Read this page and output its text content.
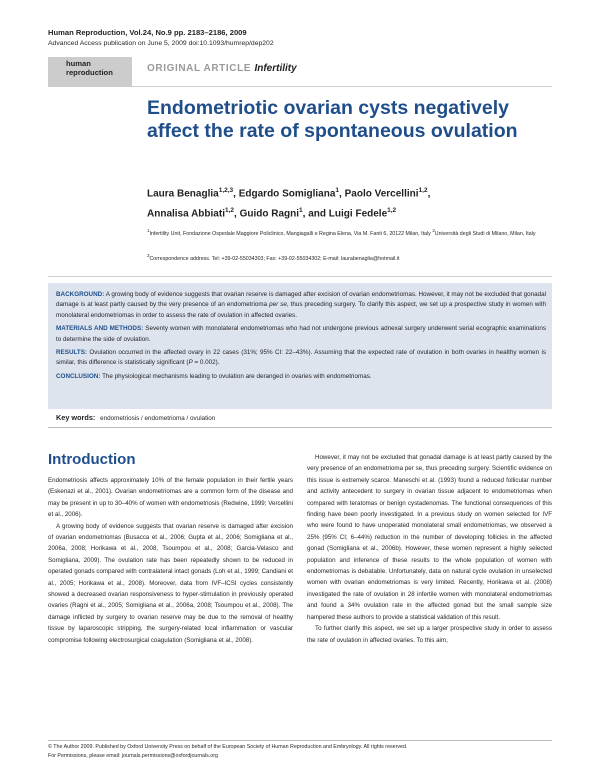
Human Reproduction, Vol.24, No.9 pp. 2183–2186, 2009
Advanced Access publication on June 5, 2009 doi:10.1093/humrep/dep202
human
reproduction	ORIGINAL ARTICLE Infertility
Endometriotic ovarian cysts negatively affect the rate of spontaneous ovulation
Laura Benaglia$^{1,2,3}$, Edgardo Somigliana$^1$, Paolo Vercellini$^{1,2}$,
Annalisa Abbiati$^{1,2}$, Guido Ragni$^1$, and Luigi Fedele$^{1,2}$
$^1$Infertility Unit, Fondazione Ospedale Maggiore Policlinico, Mangiagalli e Regina Elena, Via M. Fanti 6, 20122 Milan, Italy $^2$Università degli Studi di Milano, Milan, Italy
$^3$Correspondence address. Tel: +39-02-55034303; Fax: +39-02-55034302; E-mail: laurabenaglia@hotmail.it

BACKGROUND: A growing body of evidence suggests that ovarian reserve is damaged after excision of ovarian endometriomas. However, it may not be excluded that gonadal damage is at least partly caused by the very presence of an endometrioma per se, thus preceding surgery. To clarify this aspect, we set up a prospective study in women with monolateral endometriomas in order to assess the rate of ovulation in affected ovaries.

MATERIALS AND METHODS: Seventy women with monolateral endometriomas who had not undergone previous adnexal surgery underwent serial ecographic examinations to determine the side of ovulation.

RESULTS: Ovulation occurred in the affected ovary in 22 cases (31%; 95% CI: 22–43%). Assuming that the expected rate of ovulation in both ovaries in healthy women is similar, this difference is statistically significant (P = 0.002).

CONCLUSION: The physiological mechanisms leading to ovulation are deranged in ovaries with endometriomas.

Key words: endometriosis / endometrioma / ovulation
Introduction

Endometriosis affects approximately 10% of the female population in their fertile years (Eskenazi et al., 2001). Ovarian endometriomas are a common form of the disease and may be present in up to 30–40% of women with endometriosis (Redwine, 1999; Vercellini et al., 2006).

A growing body of evidence suggests that ovarian reserve is damaged after excision of ovarian endometriomas (Busacca et al., 2006; Gupta et al., 2006; Somigliana et al., 2006a, 2008; Horikawa et al., 2008, Tsoumpou et al., 2008; Garcia-Velasco and Somigliana, 2009). The ovulation rate has been repeatedly shown to be reduced in operated gonads compared with contralateral intact gonads (Loh et al., 1999; Candiani et al., 2005; Horikawa et al., 2008). Moreover, data from IVF–ICSI cycles consistently showed a decreased ovarian responsiveness to hyper-stimulation in previously operated ovaries (Ragni et al., 2005; Somigliana et al., 2006a, 2008; Tsoumpou et al., 2008). The damage inflicted by surgery to ovarian reserve may be due to the removal of healthy tissue by laparoscopic stripping, the surgery-related local inflammation or vascular compromise following electrosurgical coagulation (Somigliana et al., 2008).

However, it may not be excluded that gonadal damage is at least partly caused by the very presence of an endometrioma per se, thus preceding surgery. Scientific evidence on this issue is extremely scarce. Maneschi et al. (1993) found a reduced follicular number and activity antecedent to surgery in ovarian tissue adjacent to endometriomas when compared with teratomas or benign cystadenomas. The functional consequences of this finding have been poorly investigated. In a previous study on women selected for IVF who were found to have unoperated monolateral small endometriomas, we observed a 25% (95% CI; 6–44%) reduction in the number of developing follicles in the affected gonad (Somigliana et al., 2006b). However, these women represent a highly selected population and inference of these results to the whole population of women with endometriomas is debatable. Unfortunately, data on natural cycle ovulation in unselected women with ovarian endometriomas is very limited. Recently, Horikawa et al. (2008) investigated the rate of ovulation in 28 infertile women with monolateral endometriomas and found a 34% ovulation rate in the affected gonad but the small sample size hampered these authors to provide a statistical validation of this result.

To further clarify this aspect, we set up a larger prospective study in order to assess the rate of ovulation in affected ovaries. To this aim,

© The Author 2009. Published by Oxford University Press on behalf of the European Society of Human Reproduction and Embryology. All rights reserved.
For Permissions, please email: journals.permissions@oxfordjournals.org
